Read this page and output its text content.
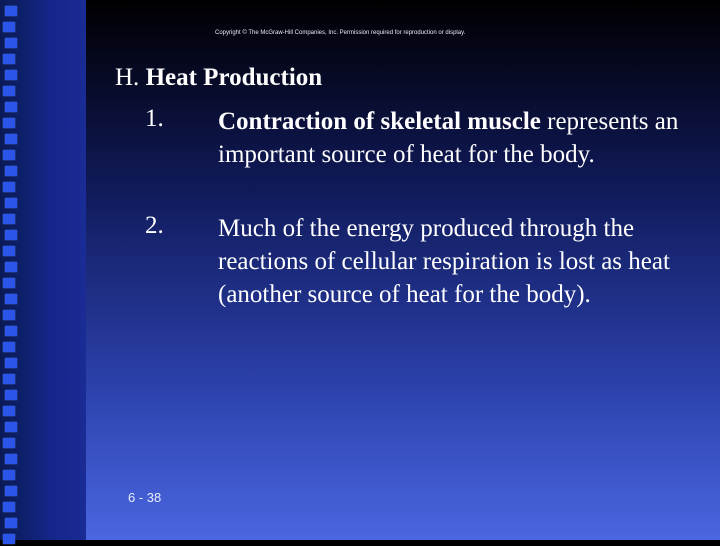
Copyright © The McGraw-Hill Companies, Inc. Permission required for reproduction or display.
H. Heat Production
1. Contraction of skeletal muscle represents an important source of heat for the body.
2. Much of the energy produced through the reactions of cellular respiration is lost as heat (another source of heat for the body).
6 - 38
